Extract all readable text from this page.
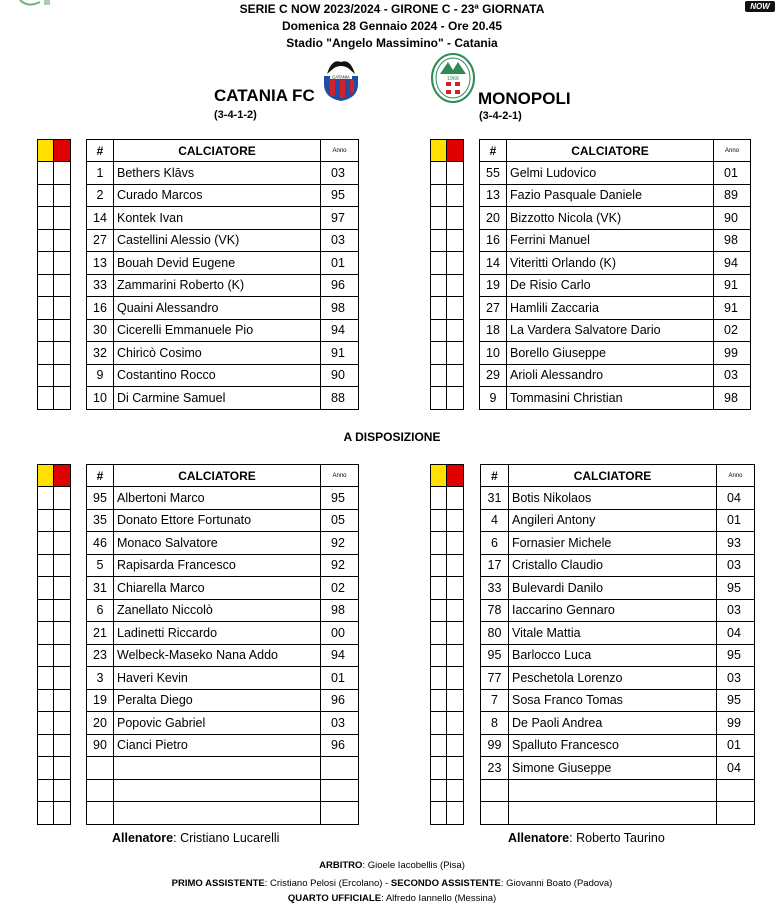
NOW
SERIE C NOW 2023/2024 - GIRONE C - 23ª GIORNATA
Domenica 28 Gennaio 2024 - Ore 20.45
Stadio "Angelo Massimino" - Catania
CATANIA FC
(3-4-1-2)
CATANIA	1966
MONOPOLI
(3-4-2-1)

#	CALCIATORE	Anno
1	Bethers Klāvs	03
2	Curado Marcos	95
14	Kontek Ivan	97
27	Castellini Alessio (VK)	03
13	Bouah Devid Eugene	01
33	Zammarini Roberto (K)	96
16	Quaini Alessandro	98
30	Cicerelli Emmanuele Pio	94
32	Chiricò Cosimo	91
9	Costantino Rocco	90
10	Di Carmine Samuel	88

#	CALCIATORE	Anno
55	Gelmi Ludovico	01
13	Fazio Pasquale Daniele	89
20	Bizzotto Nicola (VK)	90
16	Ferrini Manuel	98
14	Viteritti Orlando (K)	94
19	De Risio Carlo	91
27	Hamlili Zaccaria	91
18	La Vardera Salvatore Dario	02
10	Borello Giuseppe	99
29	Arioli Alessandro	03
9	Tommasini Christian	98
A DISPOSIZIONE

#	CALCIATORE	Anno
95	Albertoni Marco	95
35	Donato Ettore Fortunato	05
46	Monaco Salvatore	92
5	Rapisarda Francesco	92
31	Chiarella Marco	02
6	Zanellato Niccolò	98
21	Ladinetti Riccardo	00
23	Welbeck-Maseko Nana Addo	94
3	Haveri Kevin	01
19	Peralta Diego	96
20	Popovic Gabriel	03
90	Cianci Pietro	96

#	CALCIATORE	Anno
31	Botis Nikolaos	04
4	Angileri Antony	01
6	Fornasier Michele	93
17	Cristallo Claudio	03
33	Bulevardi Danilo	95
78	Iaccarino Gennaro	03
80	Vitale Mattia	04
95	Barlocco Luca	95
77	Peschetola Lorenzo	03
7	Sosa Franco Tomas	95
8	De Paoli Andrea	99
99	Spalluto Francesco	01
23	Simone Giuseppe	04

Allenatore: Cristiano Lucarelli	Allenatore: Roberto Taurino
ARBITRO: Gioele Iacobellis (Pisa)
PRIMO ASSISTENTE: Cristiano Pelosi (Ercolano) - SECONDO ASSISTENTE: Giovanni Boato (Padova)
QUARTO UFFICIALE: Alfredo Iannello (Messina)
